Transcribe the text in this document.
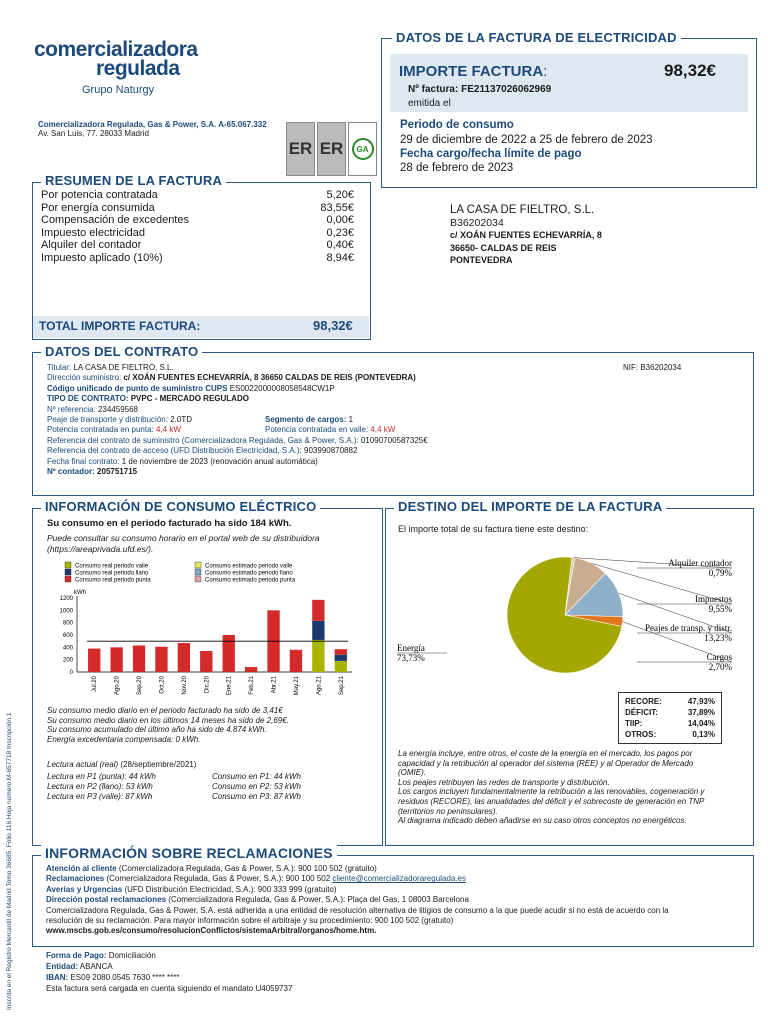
comercializadora
regulada
Grupo Naturgy
Comercializadora Regulada, Gas & Power, S.A. A-65.067.332
Av. San Luis, 77. 28033 Madrid
ER ER	GA
DATOS DE LA FACTURA DE ELECTRICIDAD
IMPORTE FACTURA:	98,32€
Nº factura: FE21137026062969
emitida el
Periodo de consumo
29 de diciembre de 2022 a 25 de febrero de 2023
Fecha cargo/fecha límite de pago
28 de febrero de 2023
RESUMEN DE LA FACTURA
Por potencia contratada	5,20€
Por energía consumida	83,55€
Compensación de excedentes	0,00€
Impuesto electricidad	0,23€
Alquiler del contador	0,40€
Impuesto aplicado (10%)	8,94€
TOTAL IMPORTE FACTURA:	98,32€
LA CASA DE FIELTRO, S.L.
B36202034
c/ XOÁN FUENTES ECHEVARRÍA, 8
36650- CALDAS DE REIS
PONTEVEDRA
DATOS DEL CONTRATO
Titular: LA CASA DE FIELTRO, S.L.
Dirección suministro: c/ XOÁN FUENTES ECHEVARRÍA, 8 36650 CALDAS DE REIS (PONTEVEDRA)
Código unificado de punto de suministro CUPS ES0022000008058548CW1P
TIPO DE CONTRATO: PVPC - MERCADO REGULADO
Nº referencia: 234459568
Peaje de transporte y distribución: 2.0TD	Segmento de cargos: 1
Potencia contratada en punta: 4,4 kW	Potencia contratada en valle: 4,4 kW
Referencia del contrato de suministro (Comercializadora Regulada, Gas & Power, S.A.): 01090700587325€
Referencia del contrato de acceso (UFD Distribución Electricidad, S.A.): 903990870882
Fecha final contrato: 1 de noviembre de 2023 (renovación anual automática)
Nº contador: 205751715
NIF: B36202034
INFORMACIÓN DE CONSUMO ELÉCTRICO
Su consumo en el periodo facturado ha sido 184 kWh.
Puede consultar su consumo horario en el portal web de su distribuidora
(https://areaprivada.ufd.es/).
Consumo real periodo valle	Consumo estimado periodo valle
Consumo real periodo llano	Consumo estimado periodo llano
Consumo real periodo punta	Consumo estimado periodo punta
kWh
0
200
400
600
800
1000
1200
Jul.20	Ago.20	Sep.20	Oct.20	Nov.20	Dic.20	Ene.21	Feb.21	Abr.21	May.21	Ago.21	Sep.21
Su consumo medio diario en el periodo facturado ha sido de 3,41€
Su consumo medio diario en los últimos 14 meses ha sido de 2,69€.
Su consumo acumulado del último año ha sido de 4.874 kWh.
Energía excedentaria compensada: 0 kWh.
Lectura actual (real) (28/septiembre/2021)
Lectura en P1 (punta): 44 kWh	Consumo en P1: 44 kWh
Lectura en P2 (llano): 53 kWh	Consumo en P2: 53 kWh
Lectura en P3 (valle): 87 kWh	Consumo en P3: 87 kWh
DESTINO DEL IMPORTE DE LA FACTURA
El importe total de su factura tiene este destino:
Alquiler contador
0,79%
Impuestos
9,55%
Peajes de transp. y distr.
13,23%
Cargos
2,70%
Energía
73,73%
RECORE:	47,93%
DÉFICIT:	37,89%
TIIP:	14,04%
OTROS:	0,13%
La energía incluye, entre otros, el coste de la energía en el mercado, los pagos por
capacidad y la retribución al operador del sistema (REE) y al Operador de Mercado
(OMIE).
Los peajes retribuyen las redes de transporte y distribución.
Los cargos incluyen fundamentalmente la retribución a las renovables, cogeneración y
residuos (RECORE), las anualidades del déficit y el sobrecoste de generación en TNP
(territorios no peninsulares).
Al diagrama indicado deben añadirse en su caso otros conceptos no energéticos.
INFORMACIÓN SOBRE RECLAMACIONES
Atención al cliente (Comercializadora Regulada, Gas & Power, S.A.): 900 100 502 (gratuito)
Reclamaciones (Comercializadora Regulada, Gas & Power, S.A.): 900 100 502 cliente@comercializadoraregulada.es
Averías y Urgencias (UFD Distribución Electricidad, S.A.): 900 333 999 (gratuito)
Dirección postal reclamaciones (Comercializadora Regulada, Gas & Power, S.A.): Plaça del Gas, 1 08003 Barcelona
Comercializadora Regulada, Gas & Power, S.A. está adherida a una entidad de resolución alternativa de litigios de consumo a la que puede acudir si no está de acuerdo con la
resolución de su reclamación. Para mayor información sobre el arbitraje y su procedimiento: 900 100 502 (gratuito)
www.mscbs.gob.es/consumo/resolucionConflictos/sistemaArbitral/organos/home.htm.
Forma de Pago: Domiciliación
Entidad: ABANCA
IBAN: ES09 2080 0545 7630 **** ****
Esta factura será cargada en cuenta siguiendo el mandato U4059737
Inscrita en el Registro Mercantil de Madrid Tomo 36685, Folio 116 Hoja número M-657718 Inscripción 1
